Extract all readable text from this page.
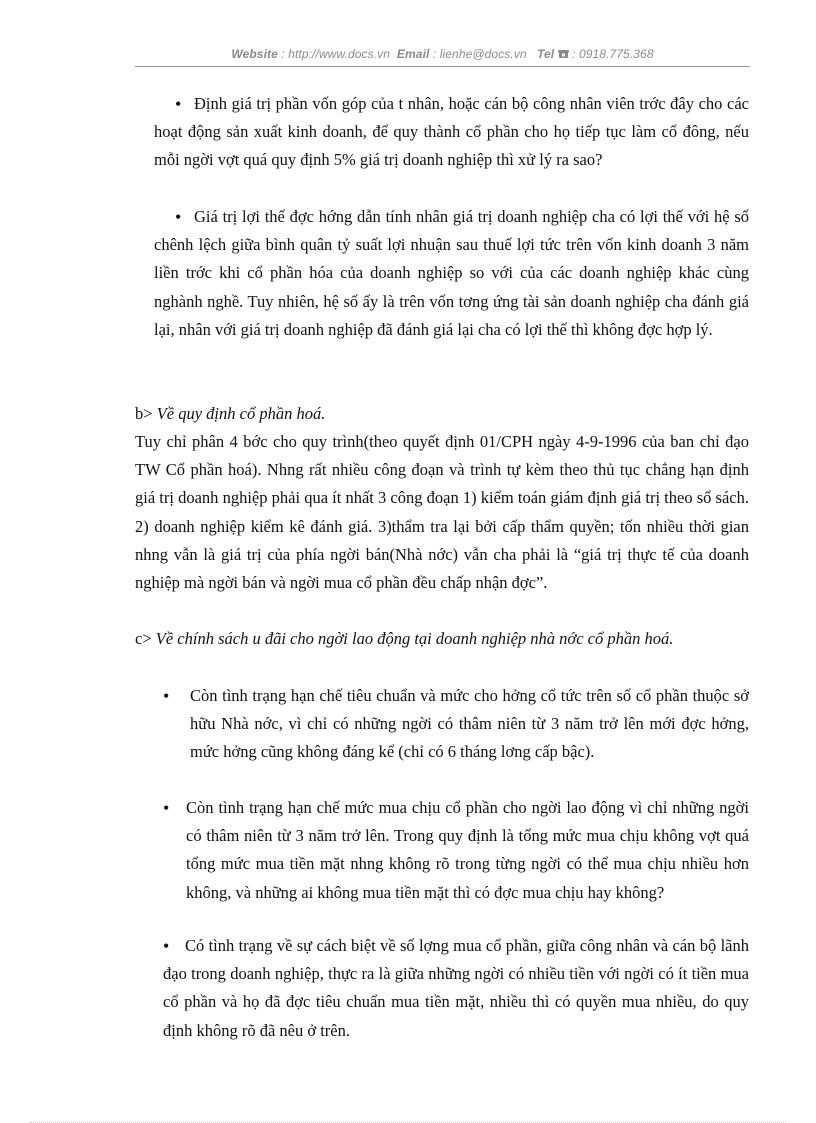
Website : http://www.docs.vn Email : lienhe@docs.vn Tel : 0918.775.368
• Định giá trị phần vốn góp của t nhân, hoặc cán bộ công nhân viên trớc đây cho các hoạt động sản xuất kinh doanh, để quy thành cổ phần cho họ tiếp tục làm cổ đông, nếu mỗi ngời vợt quá quy định 5% giá trị doanh nghiệp thì xử lý ra sao?

• Giá trị lợi thế đợc hớng dẫn tính nhân giá trị doanh nghiệp cha có lợi thế với hệ số chênh lệch giữa bình quân tỷ suất lợi nhuận sau thuế lợi tức trên vốn kinh doanh 3 năm liền trớc khi cổ phần hóa của doanh nghiệp so với của các doanh nghiệp khác cùng nghành nghề. Tuy nhiên, hệ số ấy là trên vốn tơng ứng tài sản doanh nghiệp cha đánh giá lại, nhân với giá trị doanh nghiệp đã đánh giá lại cha có lợi thế thì không đợc hợp lý.

b> Về quy định cổ phần hoá.

Tuy chỉ phân 4 bớc cho quy trình(theo quyết định 01/CPH ngày 4-9-1996 của ban chỉ đạo TW Cổ phần hoá). Nhng rất nhiều công đoạn và trình tự kèm theo thủ tục chẳng hạn định giá trị doanh nghiệp phải qua ít nhất 3 công đoạn 1) kiểm toán giám định giá trị theo sổ sách. 2) doanh nghiệp kiểm kê đánh giá. 3)thẩm tra lại bởi cấp thẩm quyền; tốn nhiều thời gian nhng vẫn là giá trị của phía ngời bán(Nhà nớc) vẫn cha phải là “giá trị thực tế của doanh nghiệp mà ngời bán và ngời mua cổ phần đều chấp nhận đợc”.

c> Về chính sách u đãi cho ngời lao động tại doanh nghiệp nhà nớc cổ phần hoá.

• Còn tình trạng hạn chế tiêu chuẩn và mức cho hởng cổ tức trên số cổ phần thuộc sở hữu Nhà nớc, vì chỉ có những ngời có thâm niên từ 3 năm trở lên mới đợc hởng, mức hởng cũng không đáng kể (chỉ có 6 tháng lơng cấp bậc).

• Còn tình trạng hạn chế mức mua chịu cổ phần cho ngời lao động vì chỉ những ngời có thâm niên từ 3 năm trở lên. Trong quy định là tổng mức mua chịu không vợt quá tổng mức mua tiền mặt nhng không rõ trong từng ngời có thể mua chịu nhiều hơn không, và những ai không mua tiền mặt thì có đợc mua chịu hay không?

• Có tình trạng về sự cách biệt về số lợng mua cổ phần, giữa công nhân và cán bộ lãnh đạo trong doanh nghiệp, thực ra là giữa những ngời có nhiều tiền với ngời có ít tiền mua cổ phần và họ đã đợc tiêu chuẩn mua tiền mặt, nhiều thì có quyền mua nhiều, do quy định không rõ đã nêu ở trên.
